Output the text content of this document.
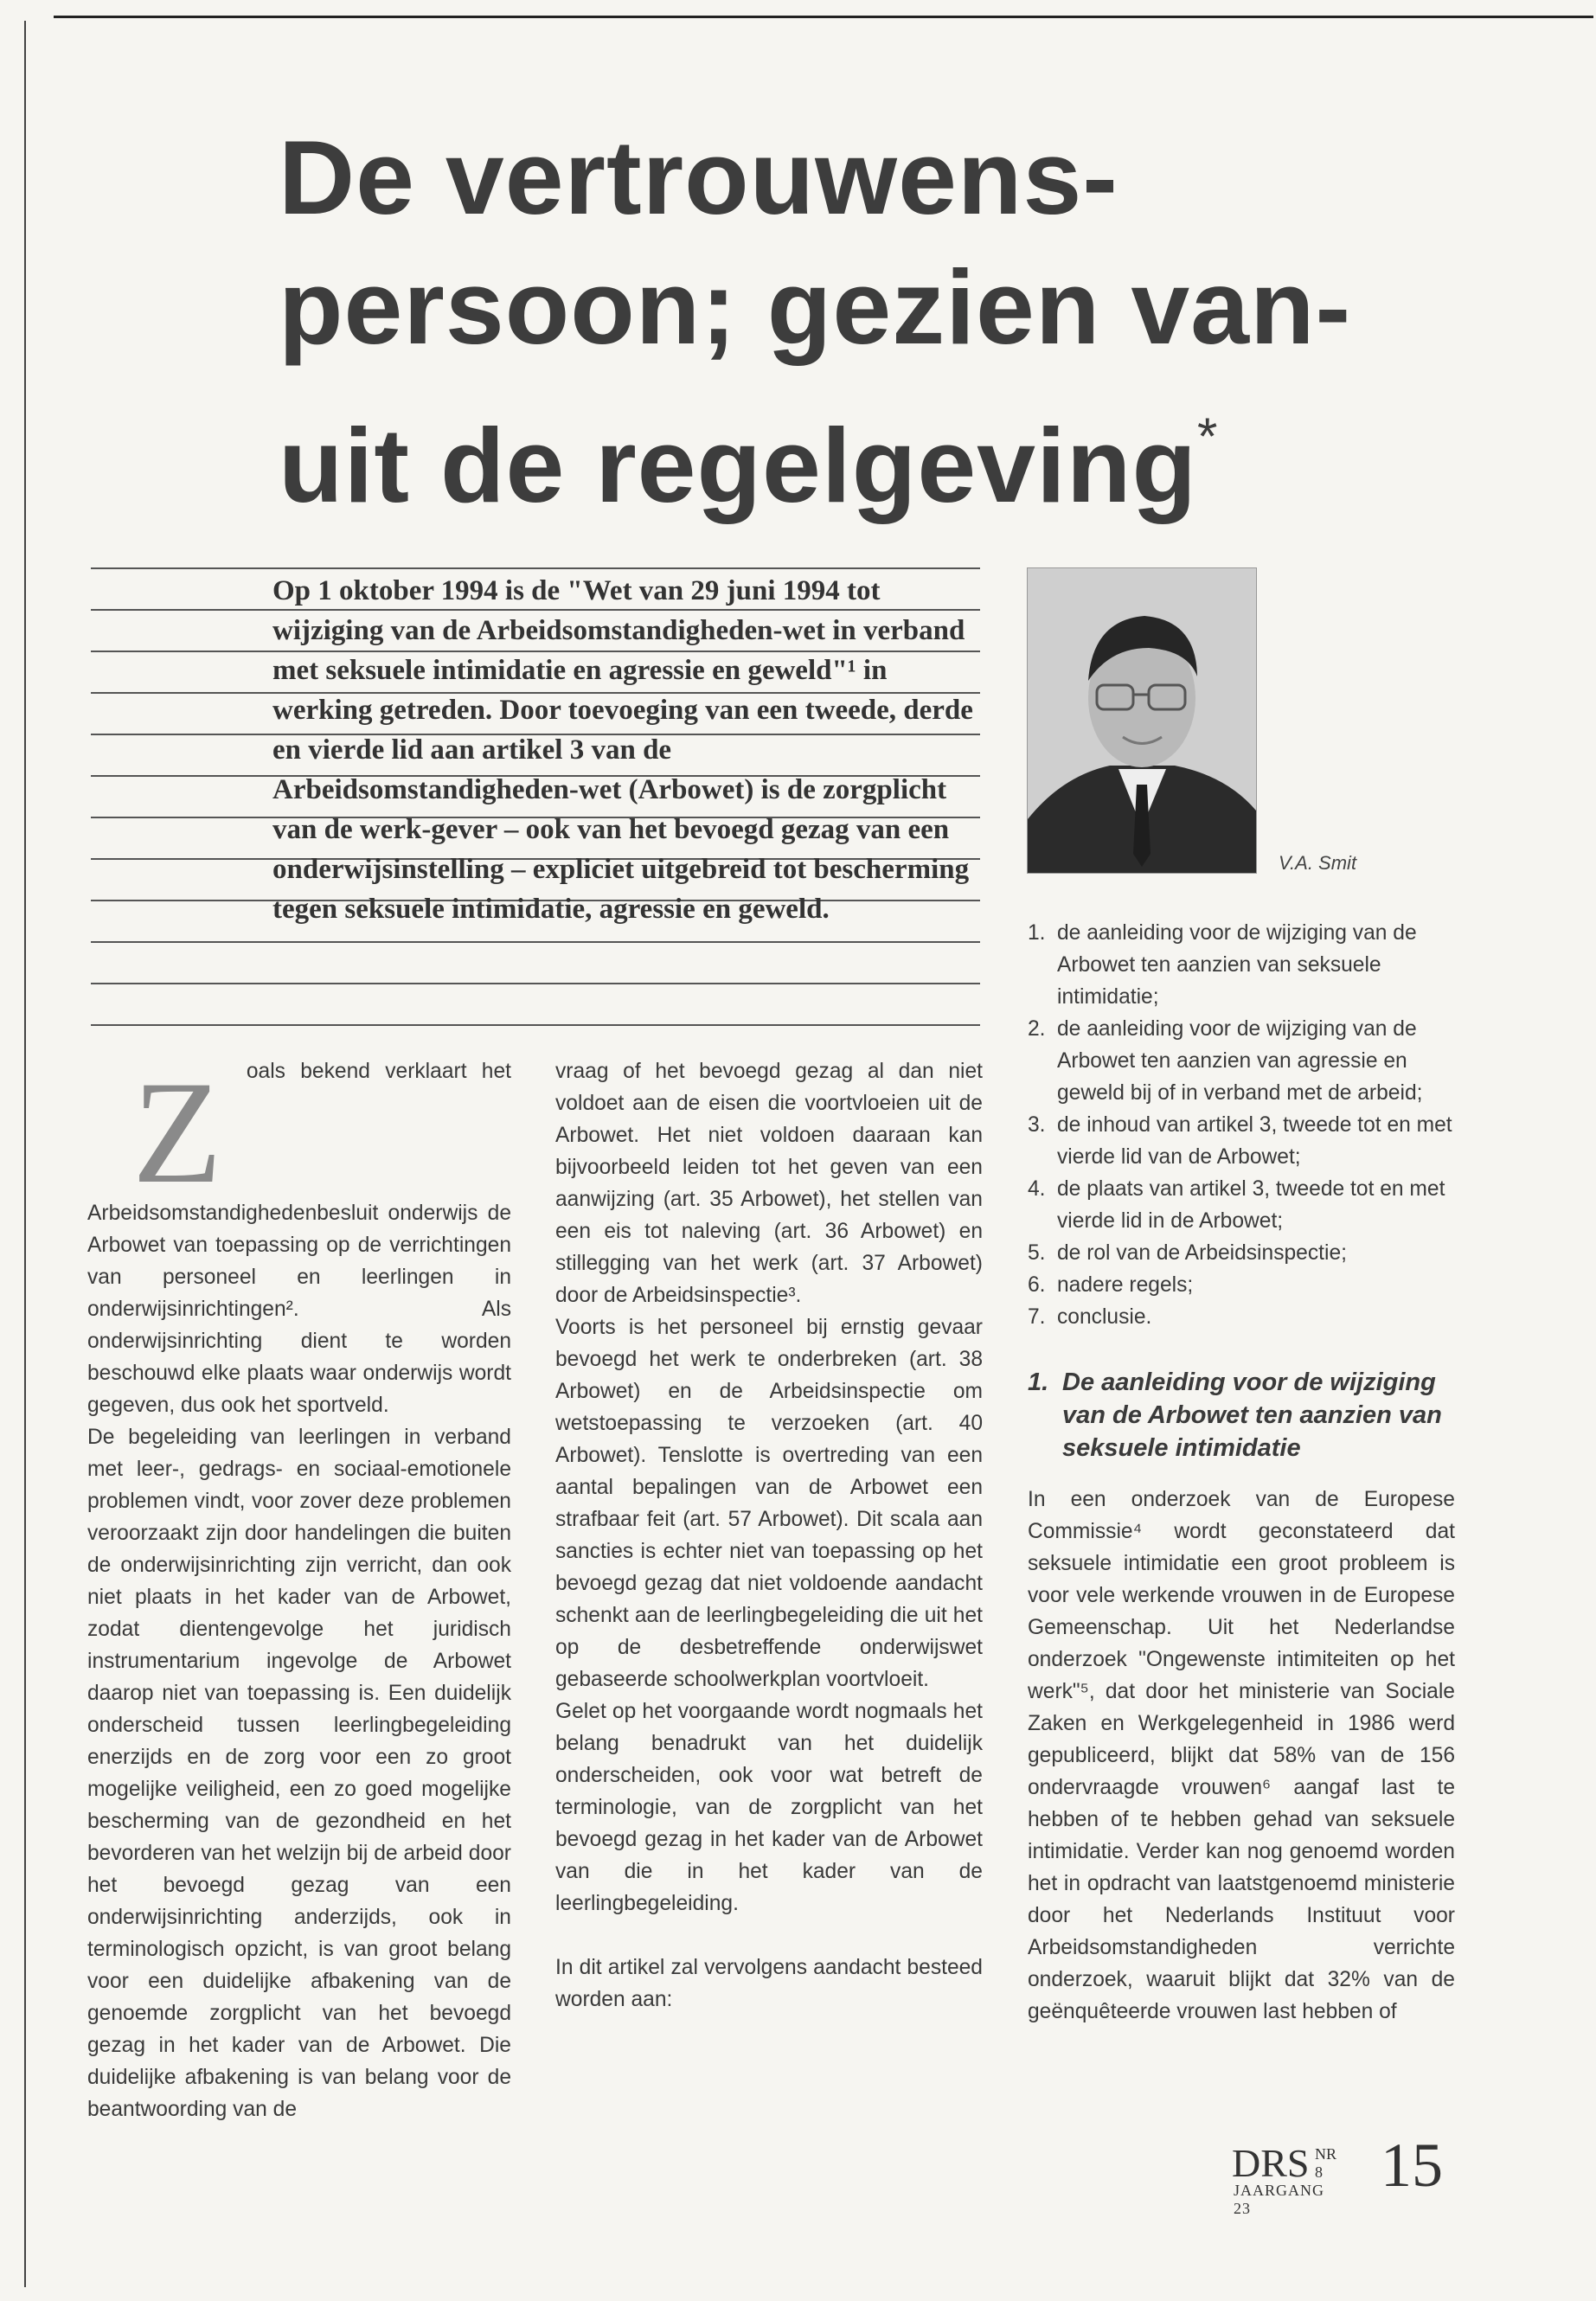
De vertrouwens-
persoon; gezien van-
uit de regelgeving*
Op 1 oktober 1994 is de "Wet van 29 juni 1994 tot wijziging van de Arbeidsomstandigheden-wet in verband met seksuele intimidatie en agressie en geweld"¹ in werking getreden. Door toevoeging van een tweede, derde en vierde lid aan artikel 3 van de Arbeidsomstandigheden-wet (Arbowet) is de zorgplicht van de werk-gever – ook van het bevoegd gezag van een onderwijsinstelling – expliciet uitgebreid tot bescherming tegen seksuele intimidatie, agressie en geweld.
V.A. Smit
Z	oals bekend verklaart het Arbeidsomstandighedenbesluit onderwijs de Arbowet van toepassing op de verrichtingen van personeel en leerlingen in onderwijsinrichtingen². Als onderwijsinrichting dient te worden beschouwd elke plaats waar onderwijs wordt gegeven, dus ook het sportveld.

De begeleiding van leerlingen in verband met leer-, gedrags- en sociaal-emotionele problemen vindt, voor zover deze problemen veroorzaakt zijn door handelingen die buiten de onderwijsinrichting zijn verricht, dan ook niet plaats in het kader van de Arbowet, zodat dientengevolge het juridisch instrumentarium ingevolge de Arbowet daarop niet van toepassing is. Een duidelijk onderscheid tussen leerlingbegeleiding enerzijds en de zorg voor een zo groot mogelijke veiligheid, een zo goed mogelijke bescherming van de gezondheid en het bevorderen van het welzijn bij de arbeid door het bevoegd gezag van een onderwijsinrichting anderzijds, ook in terminologisch opzicht, is van groot belang voor een duidelijke afbakening van de genoemde zorgplicht van het bevoegd gezag in het kader van de Arbowet. Die duidelijke afbakening is van belang voor de beantwoording van de

vraag of het bevoegd gezag al dan niet voldoet aan de eisen die voortvloeien uit de Arbowet. Het niet voldoen daaraan kan bijvoorbeeld leiden tot het geven van een aanwijzing (art. 35 Arbowet), het stellen van een eis tot naleving (art. 36 Arbowet) en stillegging van het werk (art. 37 Arbowet) door de Arbeidsinspectie³.

Voorts is het personeel bij ernstig gevaar bevoegd het werk te onderbreken (art. 38 Arbowet) en de Arbeidsinspectie om wetstoepassing te verzoeken (art. 40 Arbowet). Tenslotte is overtreding van een aantal bepalingen van de Arbowet een strafbaar feit (art. 57 Arbowet). Dit scala aan sancties is echter niet van toepassing op het bevoegd gezag dat niet voldoende aandacht schenkt aan de leerlingbegeleiding die uit het op de desbetreffende onderwijswet gebaseerde schoolwerkplan voortvloeit.

Gelet op het voorgaande wordt nogmaals het belang benadrukt van het duidelijk onderscheiden, ook voor wat betreft de terminologie, van de zorgplicht van het bevoegd gezag in het kader van de Arbowet van die in het kader van de leerlingbegeleiding.

In dit artikel zal vervolgens aandacht besteed worden aan:

1. de aanleiding voor de wijziging van de Arbowet ten aanzien van seksuele intimidatie;
2. de aanleiding voor de wijziging van de Arbowet ten aanzien van agressie en geweld bij of in verband met de arbeid;
3. de inhoud van artikel 3, tweede tot en met vierde lid van de Arbowet;
4. de plaats van artikel 3, tweede tot en met vierde lid in de Arbowet;
5. de rol van de Arbeidsinspectie;
6. nadere regels;
7. conclusie.
1. De aanleiding voor de wijziging van de Arbowet ten aanzien van seksuele intimidatie

In een onderzoek van de Europese Commissie⁴ wordt geconstateerd dat seksuele intimidatie een groot probleem is voor vele werkende vrouwen in de Europese Gemeenschap. Uit het Nederlandse onderzoek "Ongewenste intimiteiten op het werk"⁵, dat door het ministerie van Sociale Zaken en Werkgelegenheid in 1986 werd gepubliceerd, blijkt dat 58% van de 156 ondervraagde vrouwen⁶ aangaf last te hebben of te hebben gehad van seksuele intimidatie. Verder kan nog genoemd worden het in opdracht van laatstgenoemd ministerie door het Nederlands Instituut voor Arbeidsomstandigheden verrichte onderzoek, waaruit blijkt dat 32% van de geënquêteerde vrouwen last hebben of

DRS NR 8
JAARGANG 23
15
